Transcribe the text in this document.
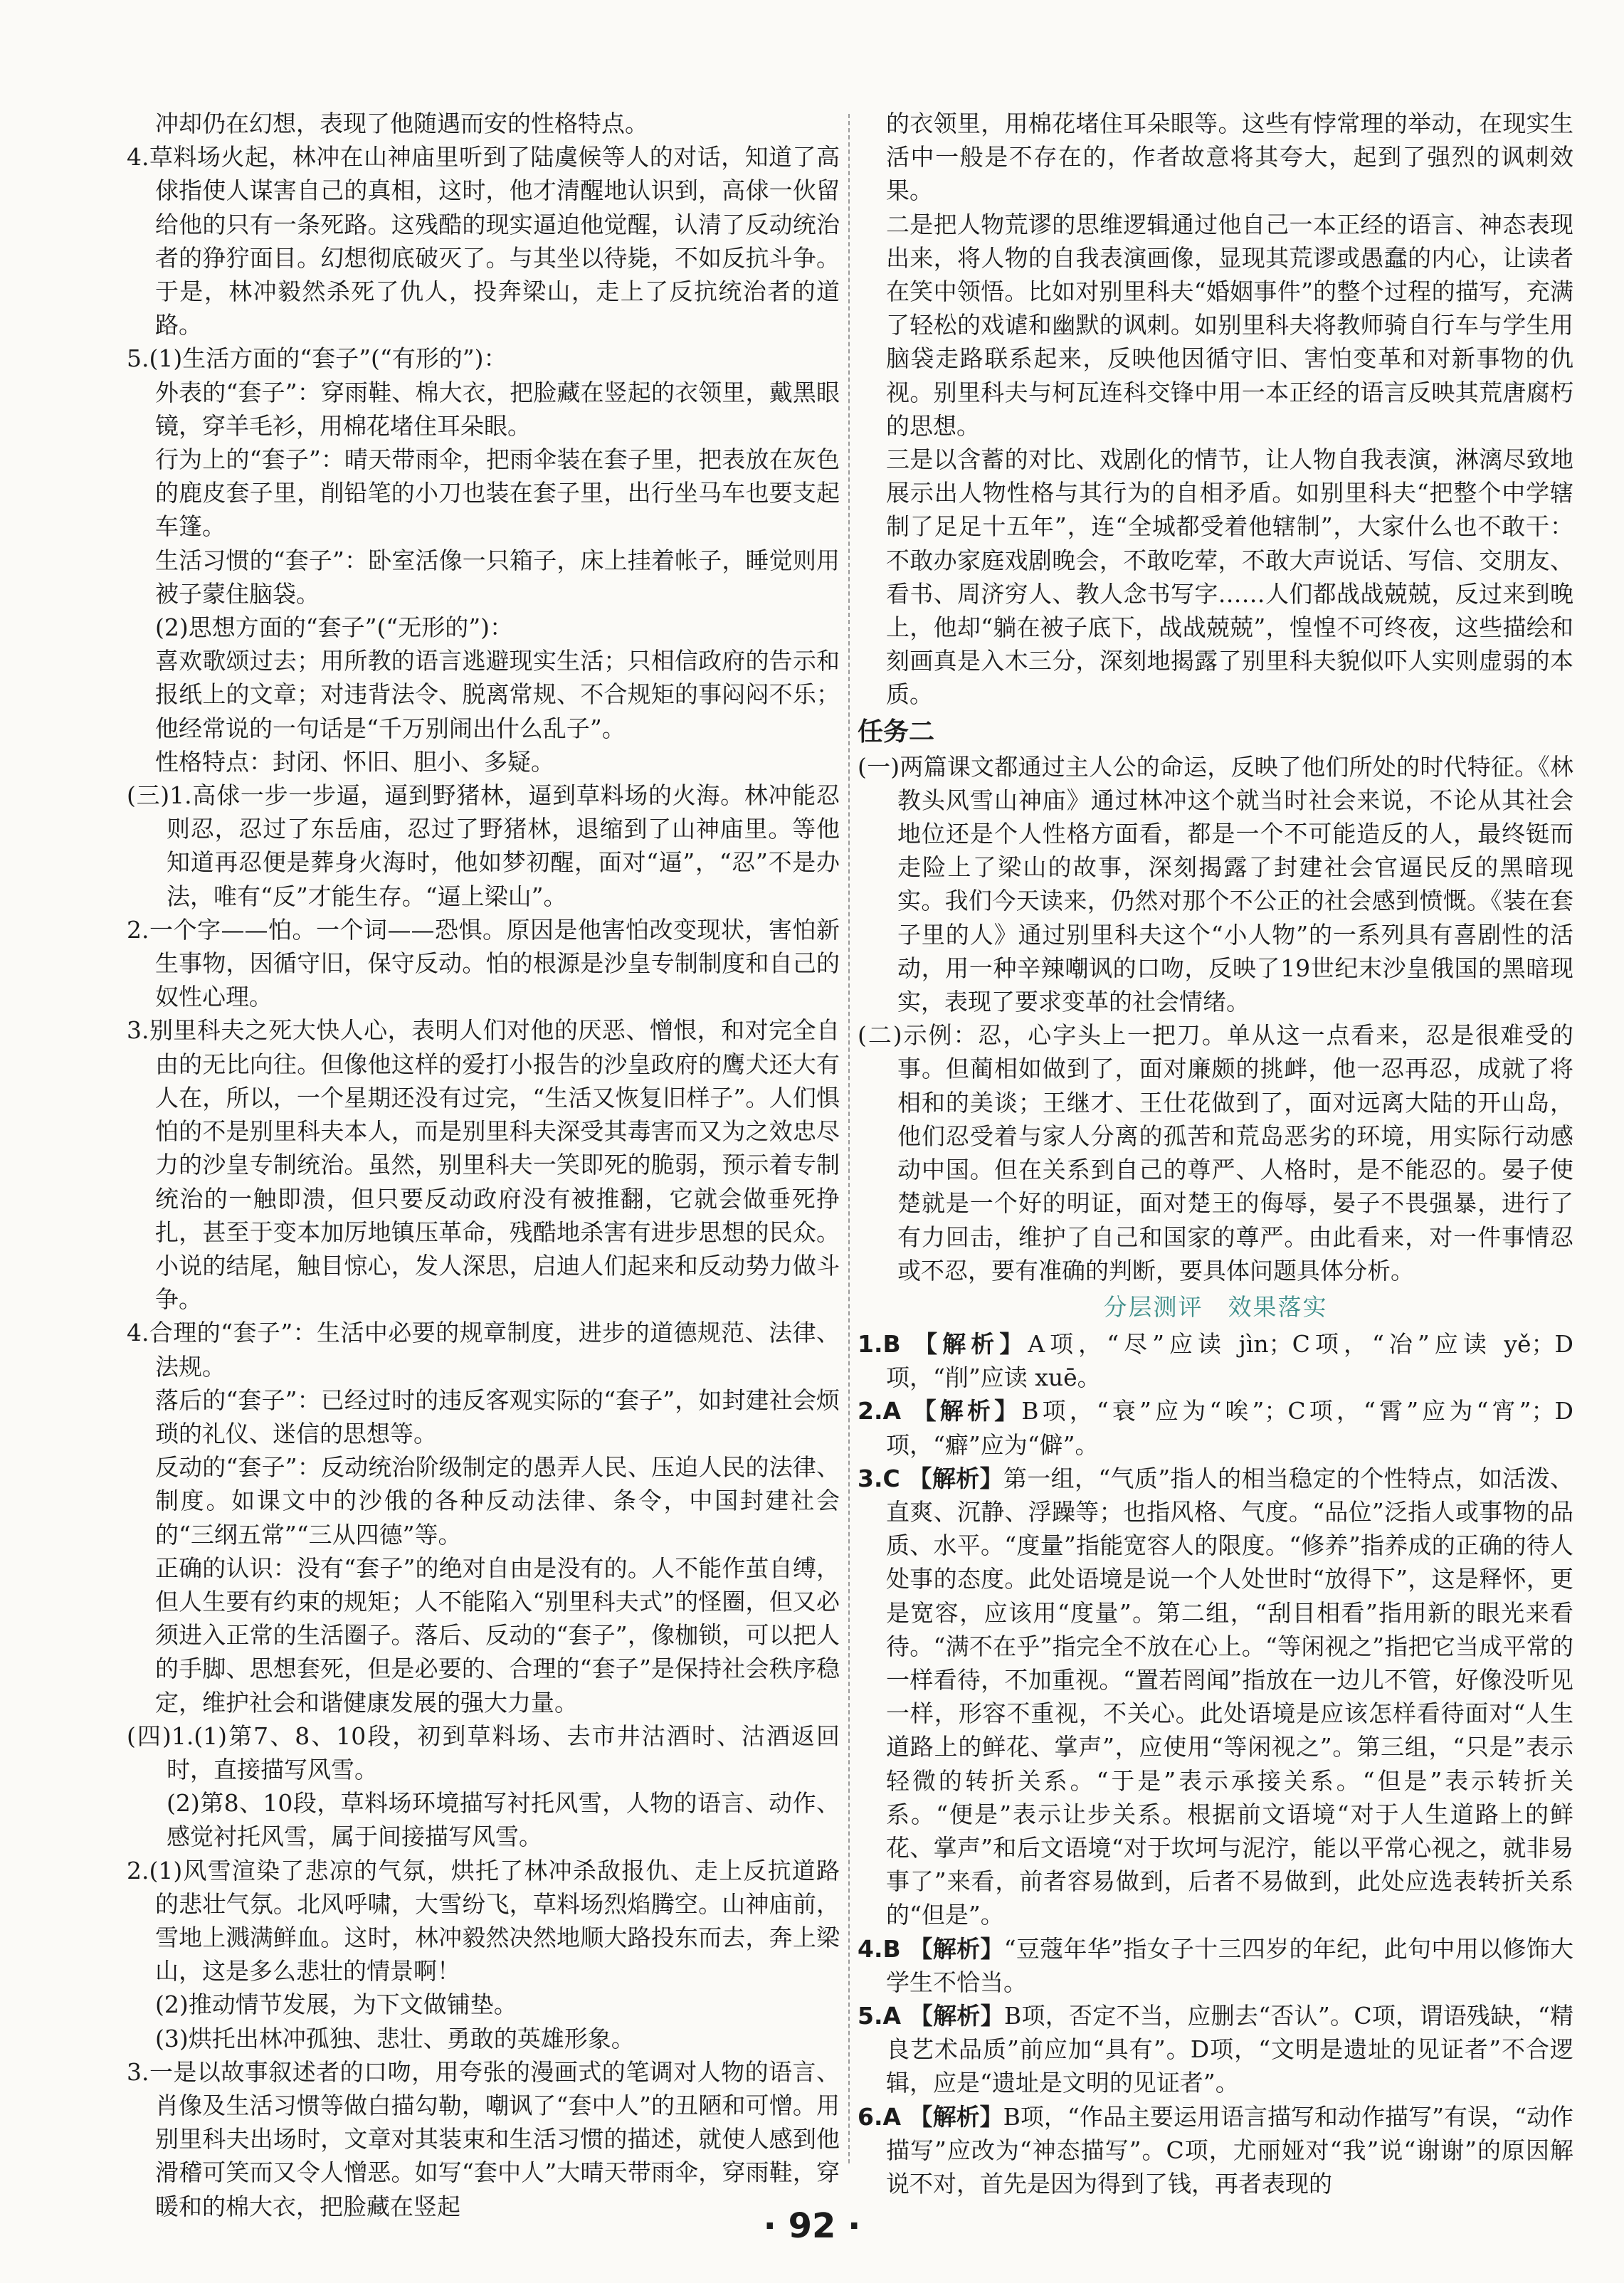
冲却仍在幻想，表现了他随遇而安的性格特点。

4.草料场火起，林冲在山神庙里听到了陆虞候等人的对话，知道了高俅指使人谋害自己的真相，这时，他才清醒地认识到，高俅一伙留给他的只有一条死路。这残酷的现实逼迫他觉醒，认清了反动统治者的狰狞面目。幻想彻底破灭了。与其坐以待毙，不如反抗斗争。于是，林冲毅然杀死了仇人，投奔梁山，走上了反抗统治者的道路。

5.(1)生活方面的“套子”(“有形的”)：

外表的“套子”：穿雨鞋、棉大衣，把脸藏在竖起的衣领里，戴黑眼镜，穿羊毛衫，用棉花堵住耳朵眼。

行为上的“套子”：晴天带雨伞，把雨伞装在套子里，把表放在灰色的鹿皮套子里，削铅笔的小刀也装在套子里，出行坐马车也要支起车篷。

生活习惯的“套子”：卧室活像一只箱子，床上挂着帐子，睡觉则用被子蒙住脑袋。

(2)思想方面的“套子”(“无形的”)：

喜欢歌颂过去；用所教的语言逃避现实生活；只相信政府的告示和报纸上的文章；对违背法令、脱离常规、不合规矩的事闷闷不乐；他经常说的一句话是“千万别闹出什么乱子”。

性格特点：封闭、怀旧、胆小、多疑。

(三)1.高俅一步一步逼，逼到野猪林，逼到草料场的火海。林冲能忍则忍，忍过了东岳庙，忍过了野猪林，退缩到了山神庙里。等他知道再忍便是葬身火海时，他如梦初醒，面对“逼”，“忍”不是办法，唯有“反”才能生存。“逼上梁山”。

2.一个字——怕。一个词——恐惧。原因是他害怕改变现状，害怕新生事物，因循守旧，保守反动。怕的根源是沙皇专制制度和自己的奴性心理。

3.别里科夫之死大快人心，表明人们对他的厌恶、憎恨，和对完全自由的无比向往。但像他这样的爱打小报告的沙皇政府的鹰犬还大有人在，所以，一个星期还没有过完，“生活又恢复旧样子”。人们惧怕的不是别里科夫本人，而是别里科夫深受其毒害而又为之效忠尽力的沙皇专制统治。虽然，别里科夫一笑即死的脆弱，预示着专制统治的一触即溃，但只要反动政府没有被推翻，它就会做垂死挣扎，甚至于变本加厉地镇压革命，残酷地杀害有进步思想的民众。小说的结尾，触目惊心，发人深思，启迪人们起来和反动势力做斗争。

4.合理的“套子”：生活中必要的规章制度，进步的道德规范、法律、法规。

落后的“套子”：已经过时的违反客观实际的“套子”，如封建社会烦琐的礼仪、迷信的思想等。

反动的“套子”：反动统治阶级制定的愚弄人民、压迫人民的法律、制度。如课文中的沙俄的各种反动法律、条令，中国封建社会的“三纲五常”“三从四德”等。

正确的认识：没有“套子”的绝对自由是没有的。人不能作茧自缚，但人生要有约束的规矩；人不能陷入“别里科夫式”的怪圈，但又必须进入正常的生活圈子。落后、反动的“套子”，像枷锁，可以把人的手脚、思想套死，但是必要的、合理的“套子”是保持社会秩序稳定，维护社会和谐健康发展的强大力量。

(四)1.(1)第7、8、10段，初到草料场、去市井沽酒时、沽酒返回时，直接描写风雪。

(2)第8、10段，草料场环境描写衬托风雪，人物的语言、动作、感觉衬托风雪，属于间接描写风雪。

2.(1)风雪渲染了悲凉的气氛，烘托了林冲杀敌报仇、走上反抗道路的悲壮气氛。北风呼啸，大雪纷飞，草料场烈焰腾空。山神庙前，雪地上溅满鲜血。这时，林冲毅然决然地顺大路投东而去，奔上梁山，这是多么悲壮的情景啊！

(2)推动情节发展，为下文做铺垫。

(3)烘托出林冲孤独、悲壮、勇敢的英雄形象。

3.一是以故事叙述者的口吻，用夸张的漫画式的笔调对人物的语言、肖像及生活习惯等做白描勾勒，嘲讽了“套中人”的丑陋和可憎。用别里科夫出场时，文章对其装束和生活习惯的描述，就使人感到他滑稽可笑而又令人憎恶。如写“套中人”大晴天带雨伞，穿雨鞋，穿暖和的棉大衣，把脸藏在竖起

的衣领里，用棉花堵住耳朵眼等。这些有悖常理的举动，在现实生活中一般是不存在的，作者故意将其夸大，起到了强烈的讽刺效果。

二是把人物荒谬的思维逻辑通过他自己一本正经的语言、神态表现出来，将人物的自我表演画像，显现其荒谬或愚蠢的内心，让读者在笑中领悟。比如对别里科夫“婚姻事件”的整个过程的描写，充满了轻松的戏谑和幽默的讽刺。如别里科夫将教师骑自行车与学生用脑袋走路联系起来，反映他因循守旧、害怕变革和对新事物的仇视。别里科夫与柯瓦连科交锋中用一本正经的语言反映其荒唐腐朽的思想。

三是以含蓄的对比、戏剧化的情节，让人物自我表演，淋漓尽致地展示出人物性格与其行为的自相矛盾。如别里科夫“把整个中学辖制了足足十五年”，连“全城都受着他辖制”，大家什么也不敢干：不敢办家庭戏剧晚会，不敢吃荤，不敢大声说话、写信、交朋友、看书、周济穷人、教人念书写字……人们都战战兢兢，反过来到晚上，他却“躺在被子底下，战战兢兢”，惶惶不可终夜，这些描绘和刻画真是入木三分，深刻地揭露了别里科夫貌似吓人实则虚弱的本质。

任务二

(一)两篇课文都通过主人公的命运，反映了他们所处的时代特征。《林教头风雪山神庙》通过林冲这个就当时社会来说，不论从其社会地位还是个人性格方面看，都是一个不可能造反的人，最终铤而走险上了梁山的故事，深刻揭露了封建社会官逼民反的黑暗现实。我们今天读来，仍然对那个不公正的社会感到愤慨。《装在套子里的人》通过别里科夫这个“小人物”的一系列具有喜剧性的活动，用一种辛辣嘲讽的口吻，反映了19世纪末沙皇俄国的黑暗现实，表现了要求变革的社会情绪。

(二)示例：忍，心字头上一把刀。单从这一点看来，忍是很难受的事。但蔺相如做到了，面对廉颇的挑衅，他一忍再忍，成就了将相和的美谈；王继才、王仕花做到了，面对远离大陆的开山岛，他们忍受着与家人分离的孤苦和荒岛恶劣的环境，用实际行动感动中国。但在关系到自己的尊严、人格时，是不能忍的。晏子使楚就是一个好的明证，面对楚王的侮辱，晏子不畏强暴，进行了有力回击，维护了自己和国家的尊严。由此看来，对一件事情忍或不忍，要有准确的判断，要具体问题具体分析。

分层测评　效果落实

1.B 【解析】A项，“尽”应读 jìn；C项，“冶”应读 yě；D项，“削”应读 xuē。

2.A 【解析】B项，“衰”应为“唉”；C项，“霄”应为“宵”；D项，“癖”应为“僻”。

3.C 【解析】第一组，“气质”指人的相当稳定的个性特点，如活泼、直爽、沉静、浮躁等；也指风格、气度。“品位”泛指人或事物的品质、水平。“度量”指能宽容人的限度。“修养”指养成的正确的待人处事的态度。此处语境是说一个人处世时“放得下”，这是释怀，更是宽容，应该用“度量”。第二组，“刮目相看”指用新的眼光来看待。“满不在乎”指完全不放在心上。“等闲视之”指把它当成平常的一样看待，不加重视。“置若罔闻”指放在一边儿不管，好像没听见一样，形容不重视，不关心。此处语境是应该怎样看待面对“人生道路上的鲜花、掌声”，应使用“等闲视之”。第三组，“只是”表示轻微的转折关系。“于是”表示承接关系。“但是”表示转折关系。“便是”表示让步关系。根据前文语境“对于人生道路上的鲜花、掌声”和后文语境“对于坎坷与泥泞，能以平常心视之，就非易事了”来看，前者容易做到，后者不易做到，此处应选表转折关系的“但是”。

4.B 【解析】“豆蔻年华”指女子十三四岁的年纪，此句中用以修饰大学生不恰当。

5.A 【解析】B项，否定不当，应删去“否认”。C项，谓语残缺，“精良艺术品质”前应加“具有”。D项，“文明是遗址的见证者”不合逻辑，应是“遗址是文明的见证者”。

6.A 【解析】B项，“作品主要运用语言描写和动作描写”有误，“动作描写”应改为“神态描写”。C项，尤丽娅对“我”说“谢谢”的原因解说不对，首先是因为得到了钱，再者表现的

· 92 ·
